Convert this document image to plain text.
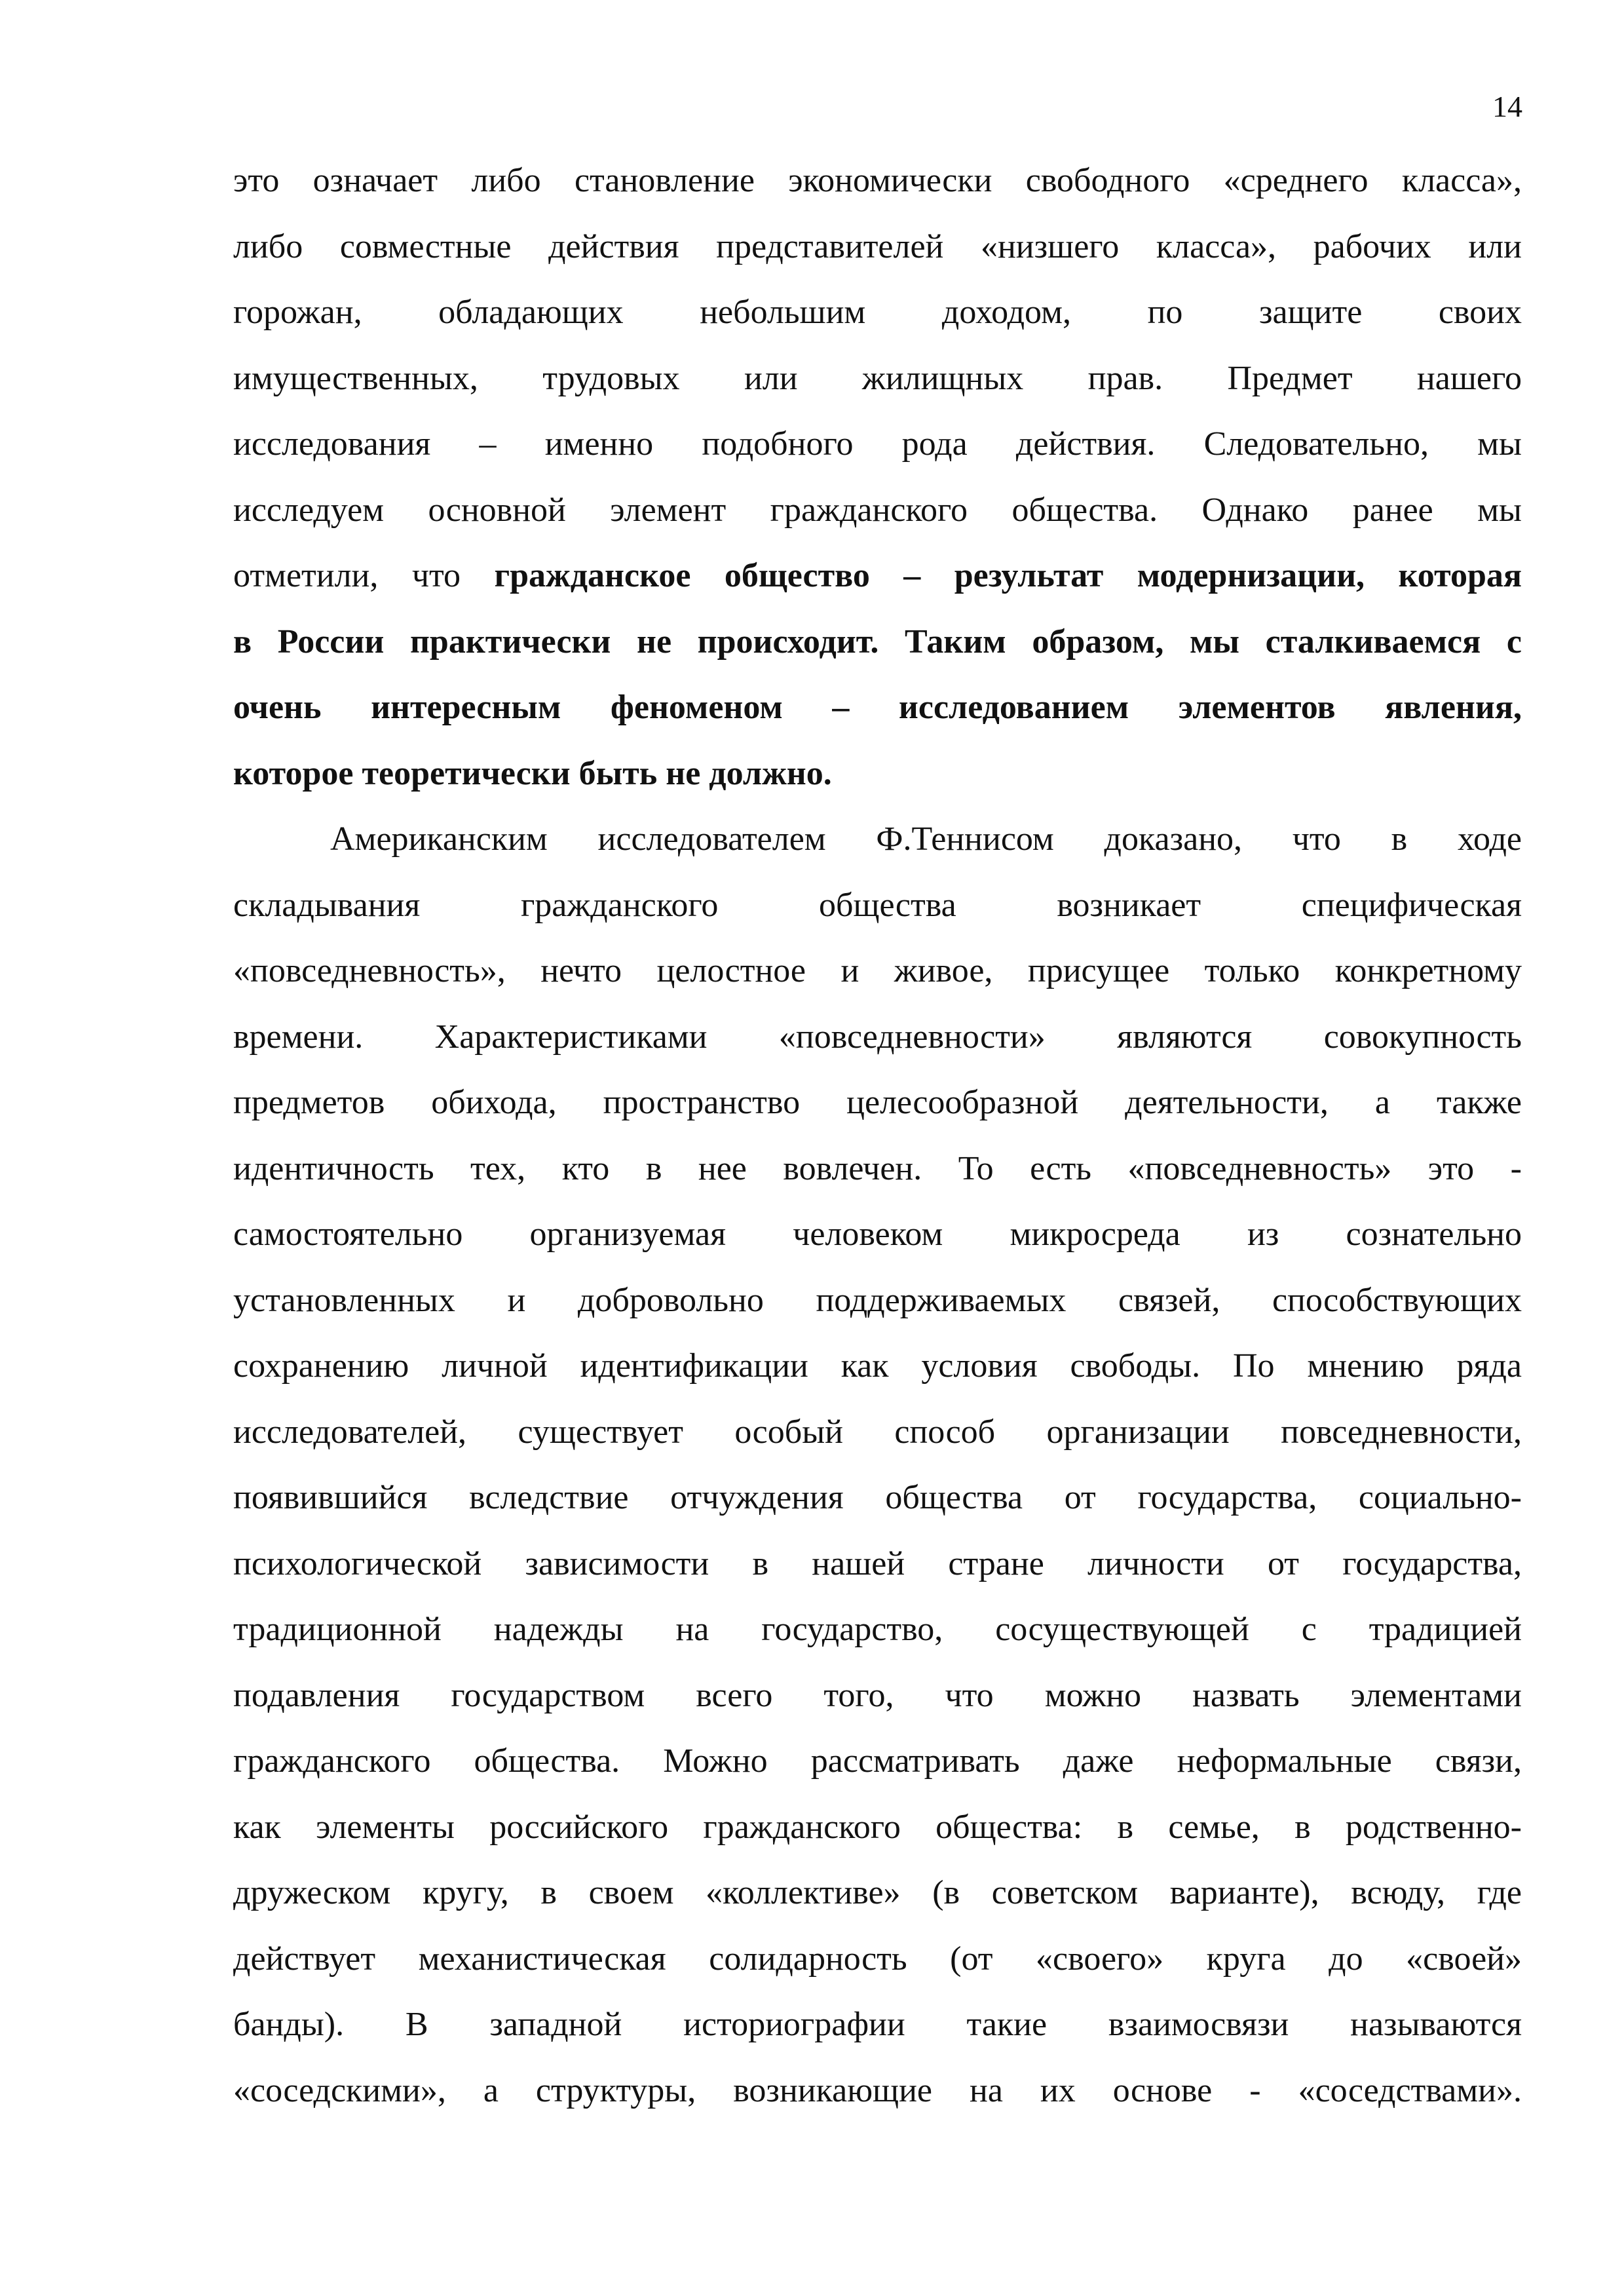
14
это означает либо становление экономически свободного «среднего класса»,
либо совместные действия представителей «низшего класса», рабочих или
горожан, обладающих небольшим доходом, по защите своих
имущественных, трудовых или жилищных прав. Предмет нашего
исследования – именно подобного рода действия. Следовательно, мы
исследуем основной элемент гражданского общества. Однако ранее мы
отметили, что гражданское общество – результат модернизации, которая
в России практически не происходит. Таким образом, мы сталкиваемся с
очень интересным феноменом – исследованием элементов явления,
которое теоретически быть не должно.
Американским исследователем Ф.Теннисом доказано, что в ходе
складывания гражданского общества возникает специфическая
«повседневность», нечто целостное и живое, присущее только конкретному
времени. Характеристиками «повседневности» являются совокупность
предметов обихода, пространство целесообразной деятельности, а также
идентичность тех, кто в нее вовлечен. То есть «повседневность» это -
самостоятельно организуемая человеком микросреда из сознательно
установленных и добровольно поддерживаемых связей, способствующих
сохранению личной идентификации как условия свободы. По мнению ряда
исследователей, существует особый способ организации повседневности,
появившийся вследствие отчуждения общества от государства, социально-
психологической зависимости в нашей стране личности от государства,
традиционной надежды на государство, сосуществующей с традицией
подавления государством всего того, что можно назвать элементами
гражданского общества. Можно рассматривать даже неформальные связи,
как элементы российского гражданского общества: в семье, в родственно-
дружеском кругу, в своем «коллективе» (в советском варианте), всюду, где
действует механистическая солидарность (от «своего» круга до «своей»
банды). В западной историографии такие взаимосвязи называются
«соседскими», а структуры, возникающие на их основе - «соседствами».
